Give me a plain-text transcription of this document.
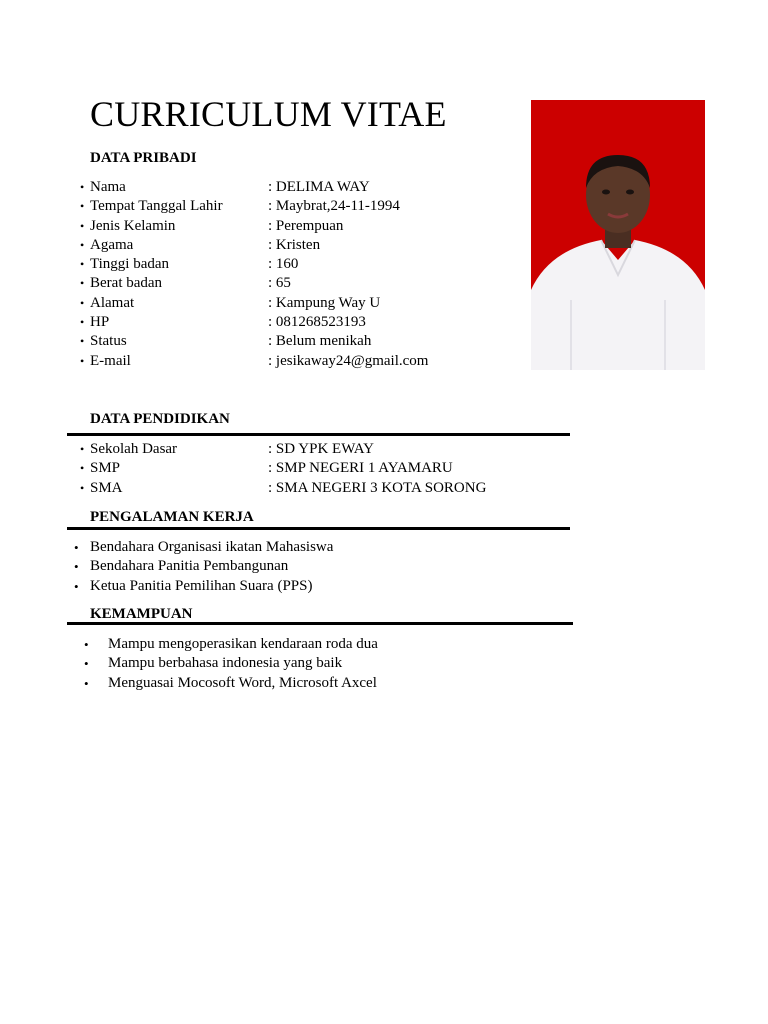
CURRICULUM VITAE
DATA PRIBADI
• Nama	: DELIMA WAY
• Tempat Tanggal Lahir	: Maybrat,24-11-1994
• Jenis Kelamin	: Perempuan
• Agama	: Kristen
• Tinggi badan	: 160
• Berat badan	: 65
• Alamat	: Kampung Way U
• HP	: 081268523193
• Status	: Belum menikah
• E-mail	: jesikaway24@gmail.com
DATA PENDIDIKAN
• Sekolah Dasar	: SD YPK EWAY
• SMP	: SMP NEGERI 1 AYAMARU
• SMA	: SMA NEGERI 3 KOTA SORONG
PENGALAMAN KERJA
• Bendahara Organisasi ikatan Mahasiswa
• Bendahara Panitia Pembangunan
• Ketua Panitia Pemilihan Suara (PPS)
KEMAMPUAN
• Mampu mengoperasikan kendaraan roda dua
• Mampu berbahasa indonesia yang baik
• Menguasai Mocosoft Word, Microsoft Axcel
